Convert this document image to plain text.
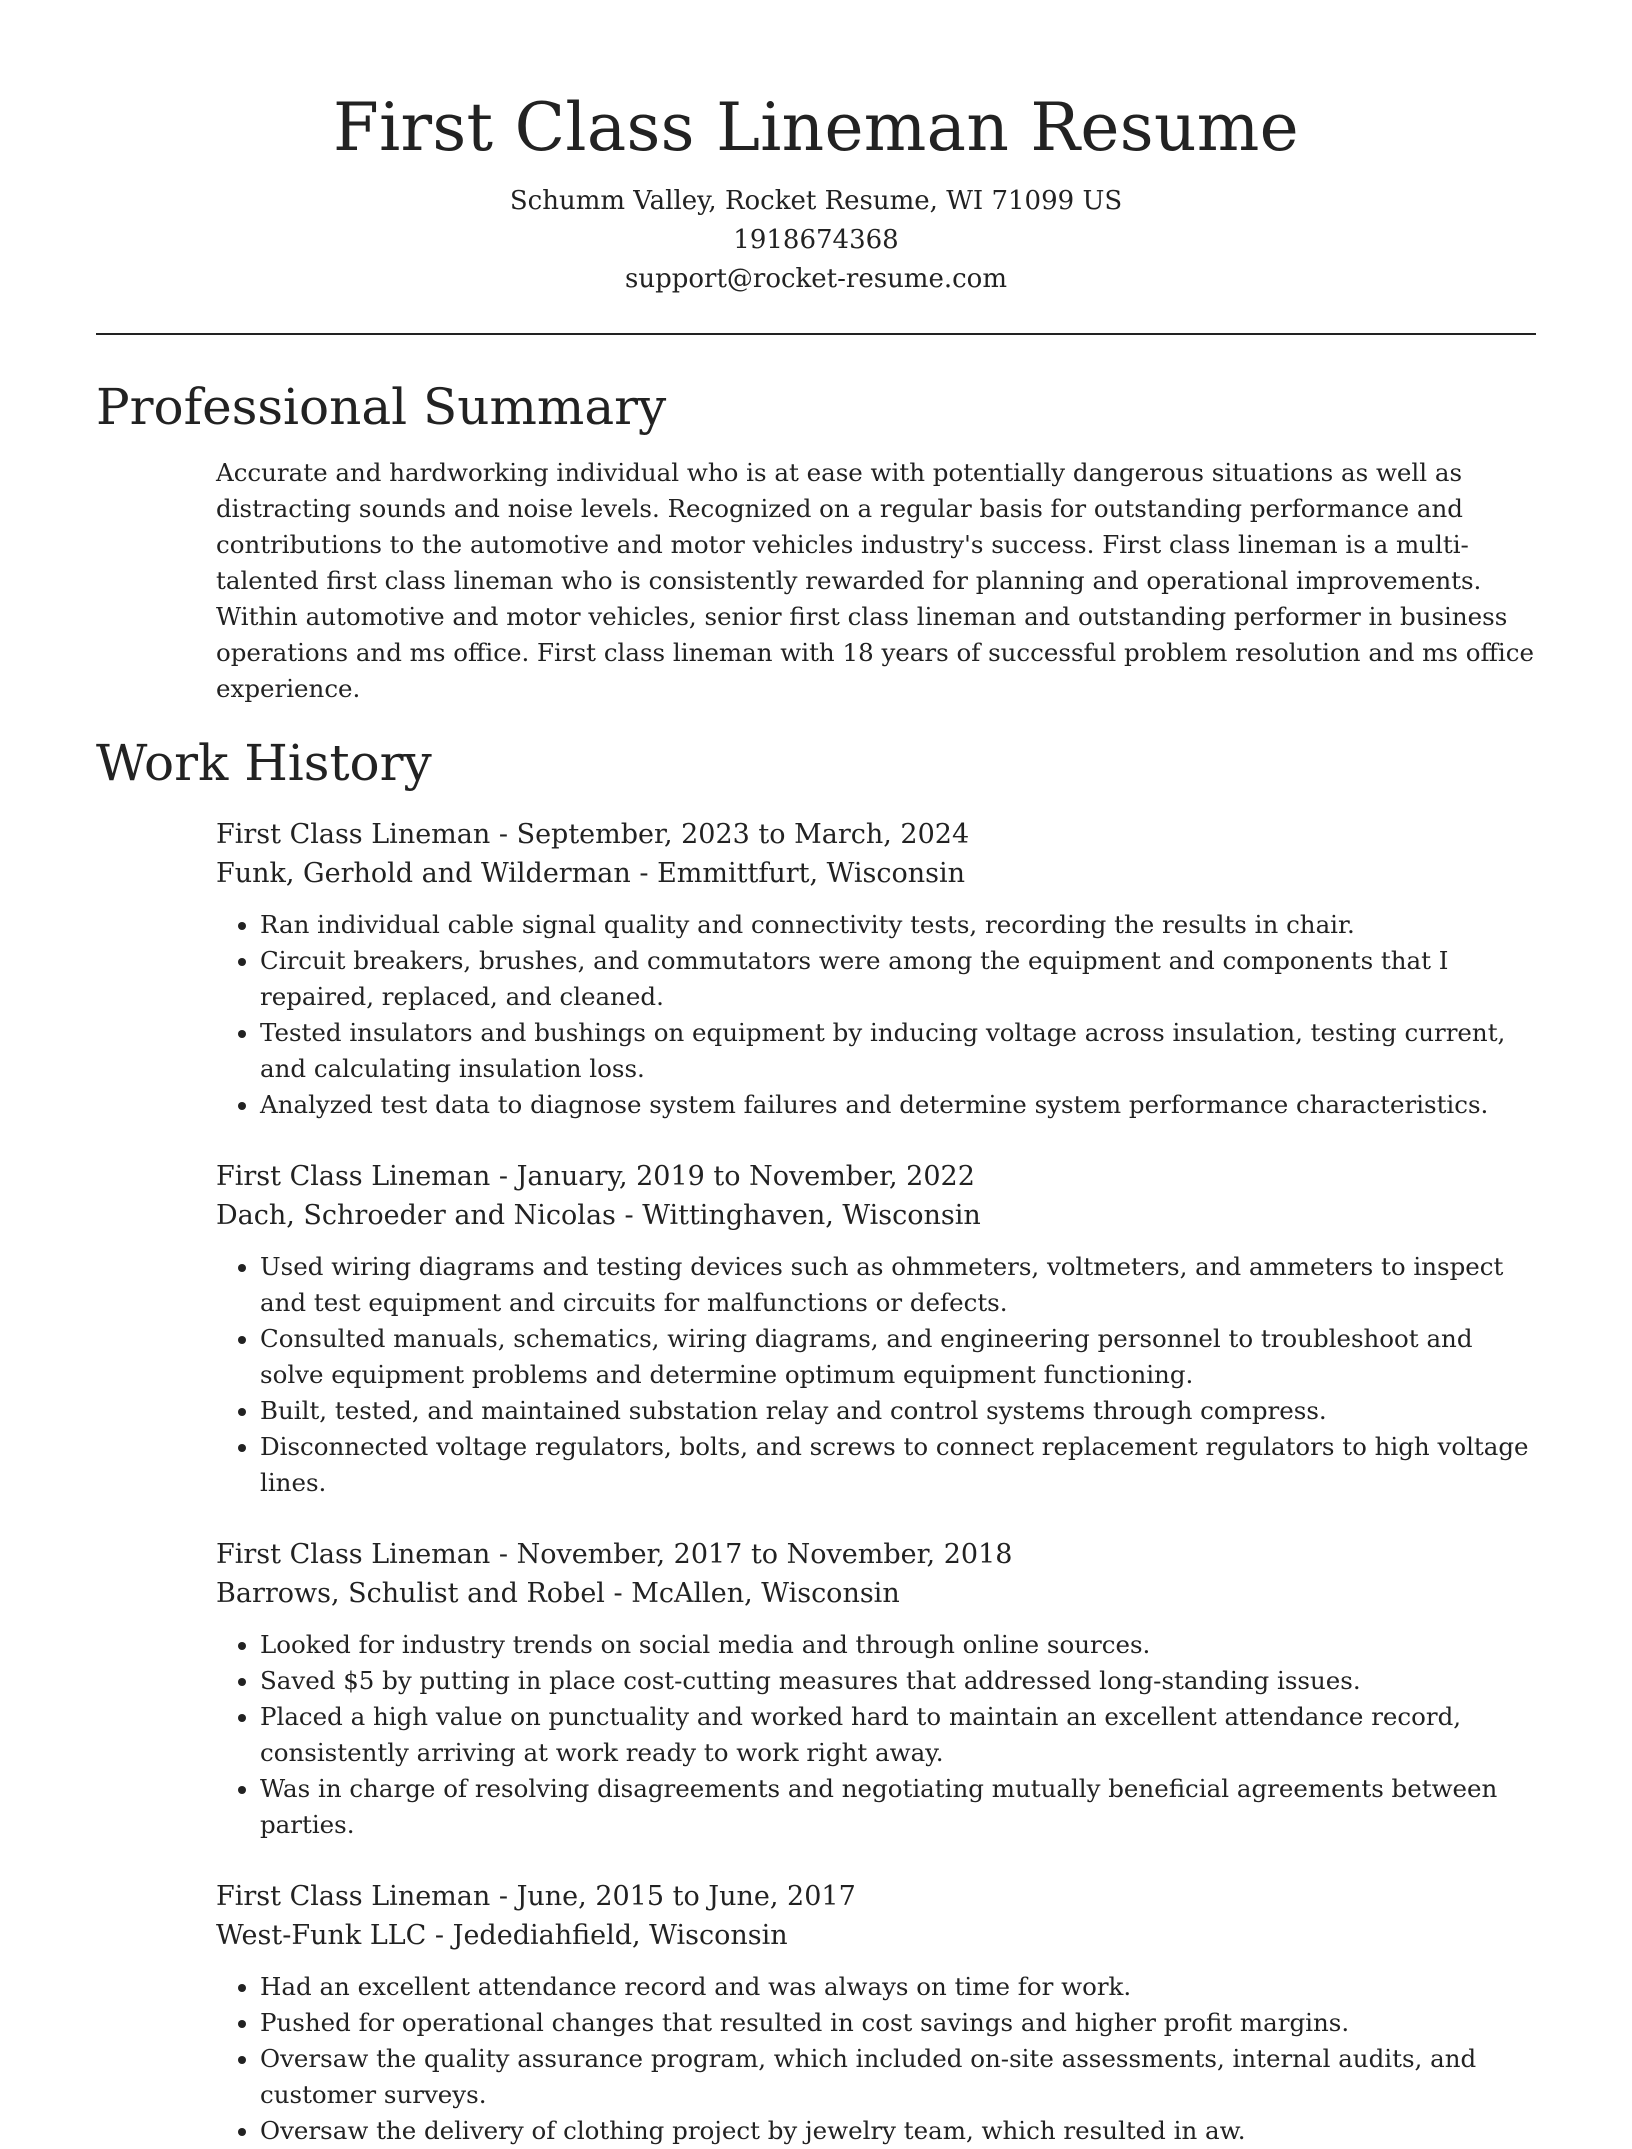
First Class Lineman Resume

Schumm Valley, Rocket Resume, WI 71099 US

1918674368

support@rocket-resume.com

Professional Summary

Accurate and hardworking individual who is at ease with potentially dangerous situations as well as distracting sounds and noise levels. Recognized on a regular basis for outstanding performance and contributions to the automotive and motor vehicles industry's success. First class lineman is a multi-talented first class lineman who is consistently rewarded for planning and operational improvements. Within automotive and motor vehicles, senior first class lineman and outstanding performer in business operations and ms office. First class lineman with 18 years of successful problem resolution and ms office experience.

Work History

First Class Lineman - September, 2023 to March, 2024

Funk, Gerhold and Wilderman - Emmittfurt, Wisconsin

• Ran individual cable signal quality and connectivity tests, recording the results in chair.
• Circuit breakers, brushes, and commutators were among the equipment and components that I repaired, replaced, and cleaned.
• Tested insulators and bushings on equipment by inducing voltage across insulation, testing current, and calculating insulation loss.
• Analyzed test data to diagnose system failures and determine system performance characteristics.

First Class Lineman - January, 2019 to November, 2022

Dach, Schroeder and Nicolas - Wittinghaven, Wisconsin

• Used wiring diagrams and testing devices such as ohmmeters, voltmeters, and ammeters to inspect and test equipment and circuits for malfunctions or defects.
• Consulted manuals, schematics, wiring diagrams, and engineering personnel to troubleshoot and solve equipment problems and determine optimum equipment functioning.
• Built, tested, and maintained substation relay and control systems through compress.
• Disconnected voltage regulators, bolts, and screws to connect replacement regulators to high voltage lines.

First Class Lineman - November, 2017 to November, 2018

Barrows, Schulist and Robel - McAllen, Wisconsin

• Looked for industry trends on social media and through online sources.
• Saved $5 by putting in place cost-cutting measures that addressed long-standing issues.
• Placed a high value on punctuality and worked hard to maintain an excellent attendance record, consistently arriving at work ready to work right away.
• Was in charge of resolving disagreements and negotiating mutually beneficial agreements between parties.

First Class Lineman - June, 2015 to June, 2017

West-Funk LLC - Jedediahfield, Wisconsin

• Had an excellent attendance record and was always on time for work.
• Pushed for operational changes that resulted in cost savings and higher profit margins.
• Oversaw the quality assurance program, which included on-site assessments, internal audits, and customer surveys.
• Oversaw the delivery of clothing project by jewelry team, which resulted in aw.
